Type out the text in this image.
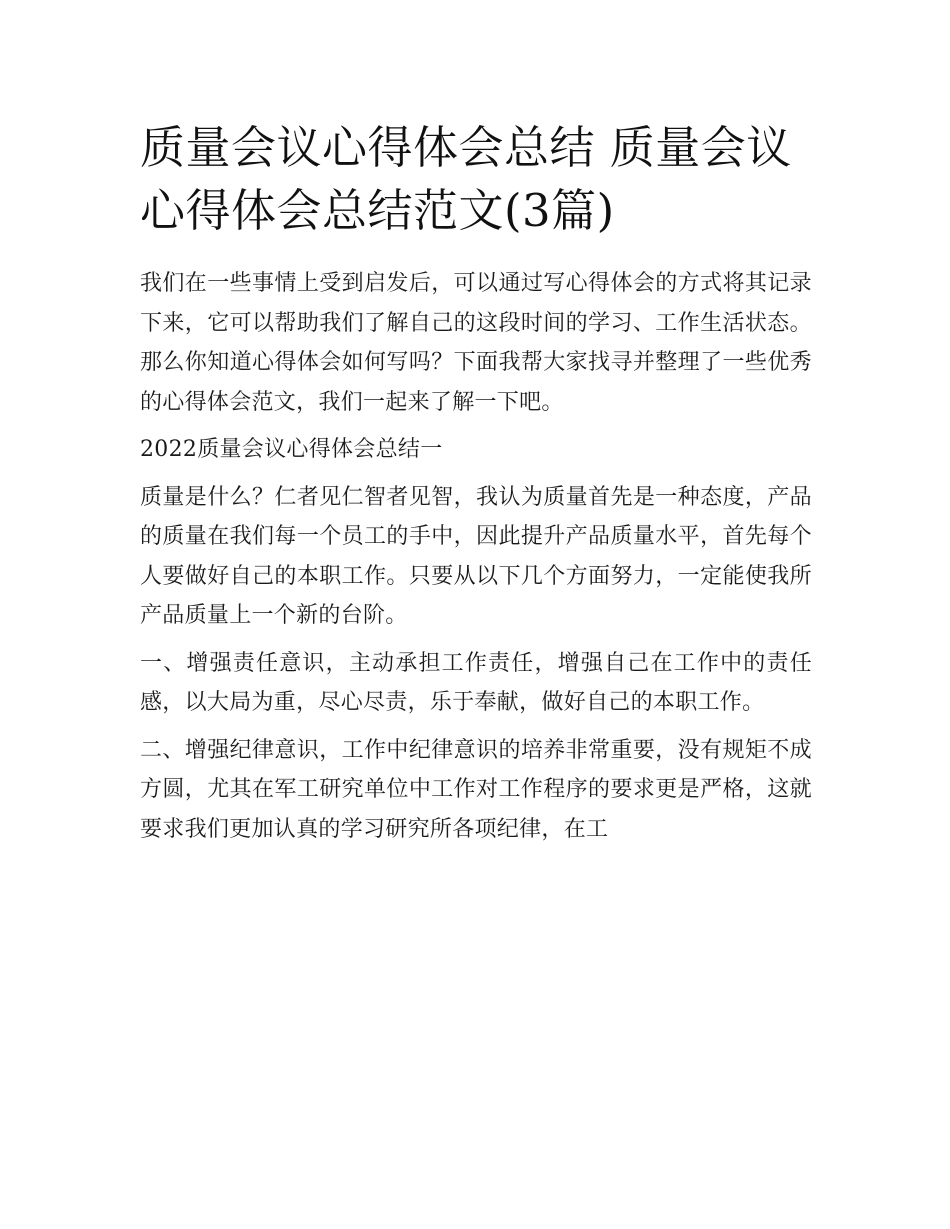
质量会议心得体会总结 质量会议心得体会总结范文(3篇)

我们在一些事情上受到启发后，可以通过写心得体会的方式将其记录下来，它可以帮助我们了解自己的这段时间的学习、工作生活状态。那么你知道心得体会如何写吗？下面我帮大家找寻并整理了一些优秀的心得体会范文，我们一起来了解一下吧。

2022质量会议心得体会总结一

质量是什么？仁者见仁智者见智，我认为质量首先是一种态度，产品的质量在我们每一个员工的手中，因此提升产品质量水平，首先每个人要做好自己的本职工作。只要从以下几个方面努力，一定能使我所产品质量上一个新的台阶。

一、增强责任意识，主动承担工作责任，增强自己在工作中的责任感，以大局为重，尽心尽责，乐于奉献，做好自己的本职工作。

二、增强纪律意识，工作中纪律意识的培养非常重要，没有规矩不成方圆，尤其在军工研究单位中工作对工作程序的要求更是严格，这就要求我们更加认真的学习研究所各项纪律，在工
